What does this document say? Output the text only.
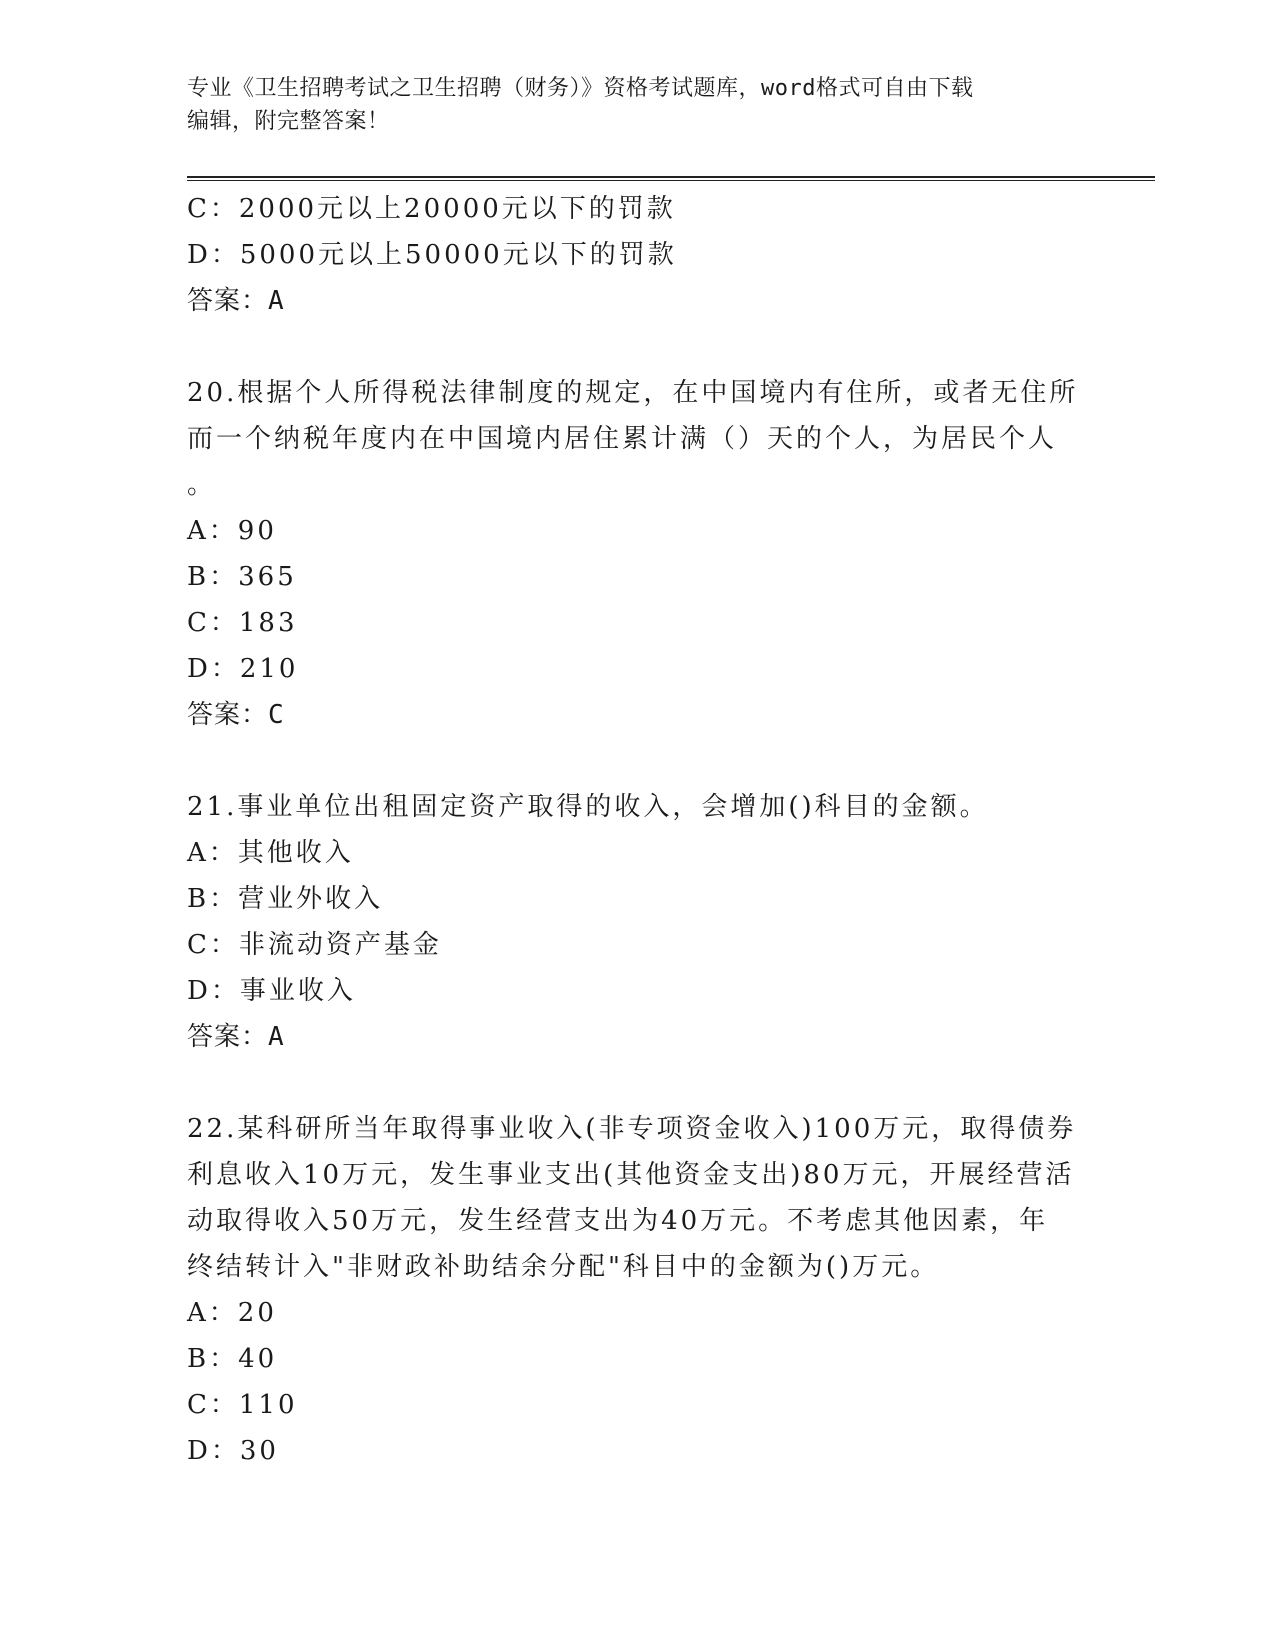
专业《卫生招聘考试之卫生招聘（财务）》资格考试题库，word格式可自由下载
编辑，附完整答案！
C：2000元以上20000元以下的罚款
D：5000元以上50000元以下的罚款
答案：A
20.根据个人所得税法律制度的规定，在中国境内有住所，或者无住所
而一个纳税年度内在中国境内居住累计满（）天的个人，为居民个人
。
A：90
B：365
C：183
D：210
答案：C
21.事业单位出租固定资产取得的收入，会增加()科目的金额。
A：其他收入
B：营业外收入
C：非流动资产基金
D：事业收入
答案：A
22.某科研所当年取得事业收入(非专项资金收入)100万元，取得债券
利息收入10万元，发生事业支出(其他资金支出)80万元，开展经营活
动取得收入50万元，发生经营支出为40万元。不考虑其他因素，年
终结转计入"非财政补助结余分配"科目中的金额为()万元。
A：20
B：40
C：110
D：30
